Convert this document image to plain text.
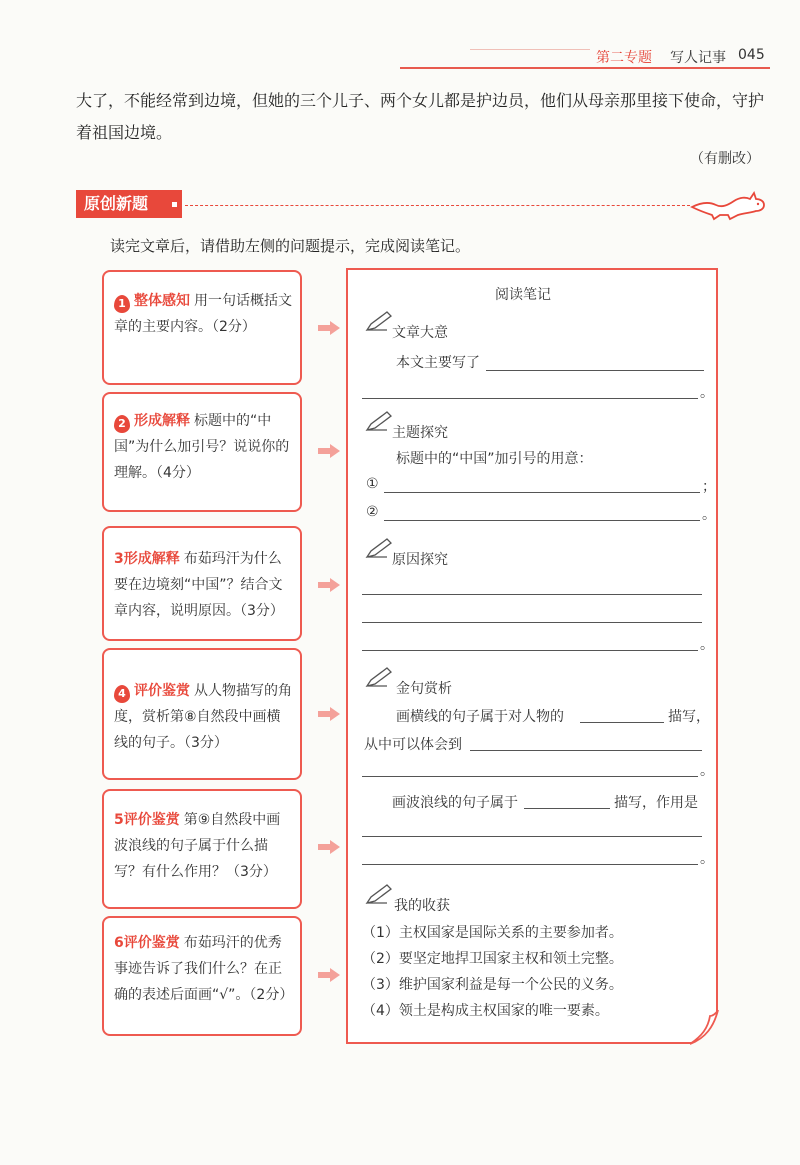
第二专题 写人记事 045
大了，不能经常到边境，但她的三个儿子、两个女儿都是护边员，他们从母亲那里接下使命，守护着祖国边境。
（有删改）
原创新题
读完文章后，请借助左侧的问题提示，完成阅读笔记。
1 整体感知 用一句话概括文章的主要内容。（2分）
2 形成解释 标题中的“中国”为什么加引号？说说你的理解。（4分）
3形成解释 布茹玛汗为什么要在边境刻“中国”？结合文章内容，说明原因。（3分）
4 评价鉴赏 从人物描写的角度，赏析第⑧自然段中画横线的句子。（3分）
5评价鉴赏 第⑨自然段中画波浪线的句子属于什么描写？有什么作用？（3分）
6评价鉴赏 布茹玛汗的优秀事迹告诉了我们什么？在正确的表述后面画“√”。（2分）
阅读笔记
文章大意
本文主要写了
。
主题探究
标题中的“中国”加引号的用意：
①	；
②	。
原因探究
。
金句赏析
画横线的句子属于对人物的	描写，
从中可以体会到
。
画波浪线的句子属于	描写，作用是
。
我的收获
（1）主权国家是国际关系的主要参加者。
（2）要坚定地捍卫国家主权和领土完整。
（3）维护国家利益是每一个公民的义务。
（4）领土是构成主权国家的唯一要素。
